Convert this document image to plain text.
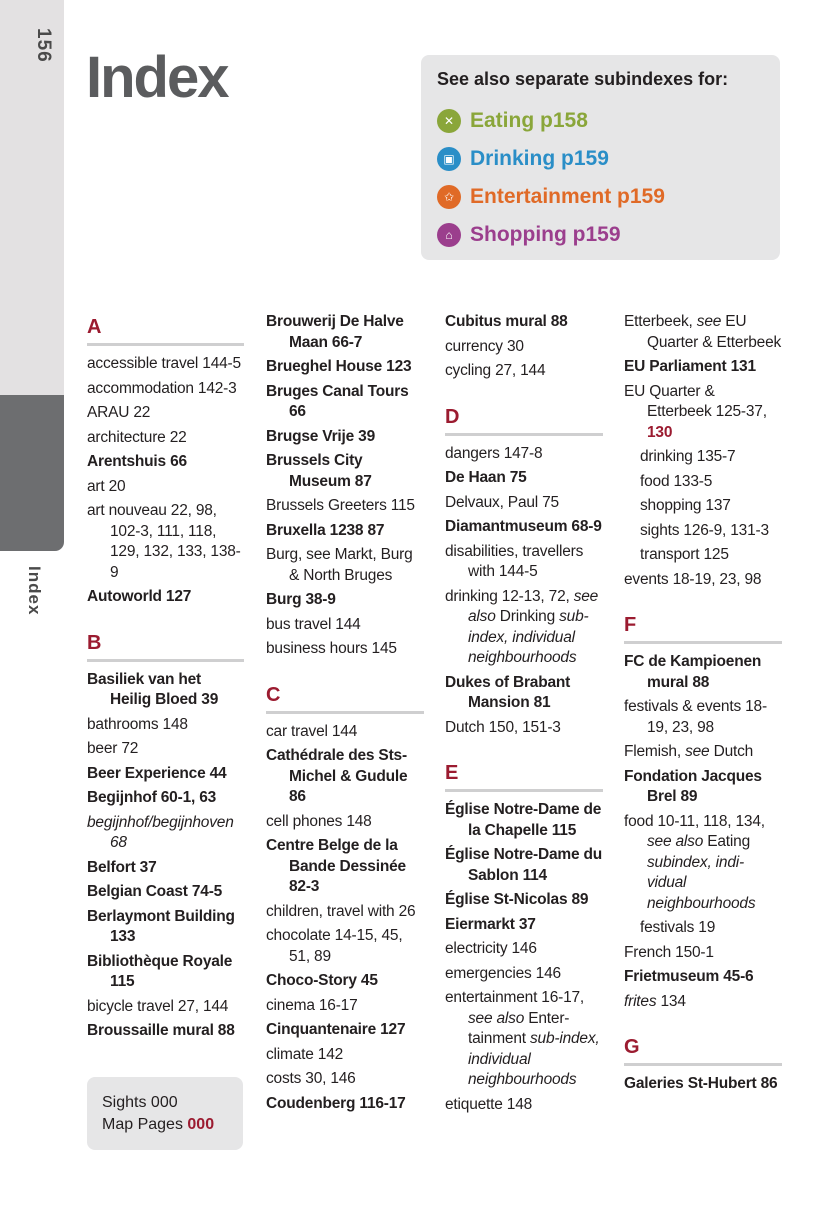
156
Index
Index	See also separate subindexes for:
✕ Eating p158
▣ Drinking p159
✩ Entertainment p159
⌂ Shopping p159
A
accessible travel 144-5
accommodation 142-3
ARAU 22
architecture 22
Arentshuis 66
art 20
art nouveau 22, 98, 102-3, 111, 118, 129, 132, 133, 138-9
Autoworld 127
B
Basiliek van het Heilig Bloed 39
bathrooms 148
beer 72
Beer Experience 44
Begijnhof 60-1, 63
begijnhof/begijnhoven 68
Belfort 37
Belgian Coast 74-5
Berlaymont Building 133
Bibliothèque Royale 115
bicycle travel 27, 144
Broussaille mural 88
Sights 000
Map Pages 000
Brouwerij De Halve Maan 66-7
Brueghel House 123
Bruges Canal Tours 66
Brugse Vrije 39
Brussels City Museum 87
Brussels Greeters 115
Bruxella 1238 87
Burg, see Markt, Burg & North Bruges
Burg 38-9
bus travel 144
business hours 145
C
car travel 144
Cathédrale des Sts-Michel & Gudule 86
cell phones 148
Centre Belge de la Bande Dessinée 82-3
children, travel with 26
chocolate 14-15, 45, 51, 89
Choco-Story 45
cinema 16-17
Cinquantenaire 127
climate 142
costs 30, 146
Coudenberg 116-17
Cubitus mural 88
currency 30
cycling 27, 144
D
dangers 147-8
De Haan 75
Delvaux, Paul 75
Diamantmuseum 68-9
disabilities, travellers with 144-5
drinking 12-13, 72, see also Drinking sub-index, individual neighbourhoods
Dukes of Brabant Mansion 81
Dutch 150, 151-3
E
Église Notre-Dame de la Chapelle 115
Église Notre-Dame du Sablon 114
Église St-Nicolas 89
Eiermarkt 37
electricity 146
emergencies 146
entertainment 16-17, see also Enter-tainment sub-index, individual neighbourhoods
etiquette 148
Etterbeek, see EU Quarter & Etterbeek
EU Parliament 131
EU Quarter & Etterbeek 125-37, 130
drinking 135-7
food 133-5
shopping 137
sights 126-9, 131-3
transport 125
events 18-19, 23, 98
F
FC de Kampioenen mural 88
festivals & events 18-19, 23, 98
Flemish, see Dutch
Fondation Jacques Brel 89
food 10-11, 118, 134, see also Eating subindex, indi-vidual neighbourhoods
festivals 19
French 150-1
Frietmuseum 45-6
frites 134
G
Galeries St-Hubert 86
